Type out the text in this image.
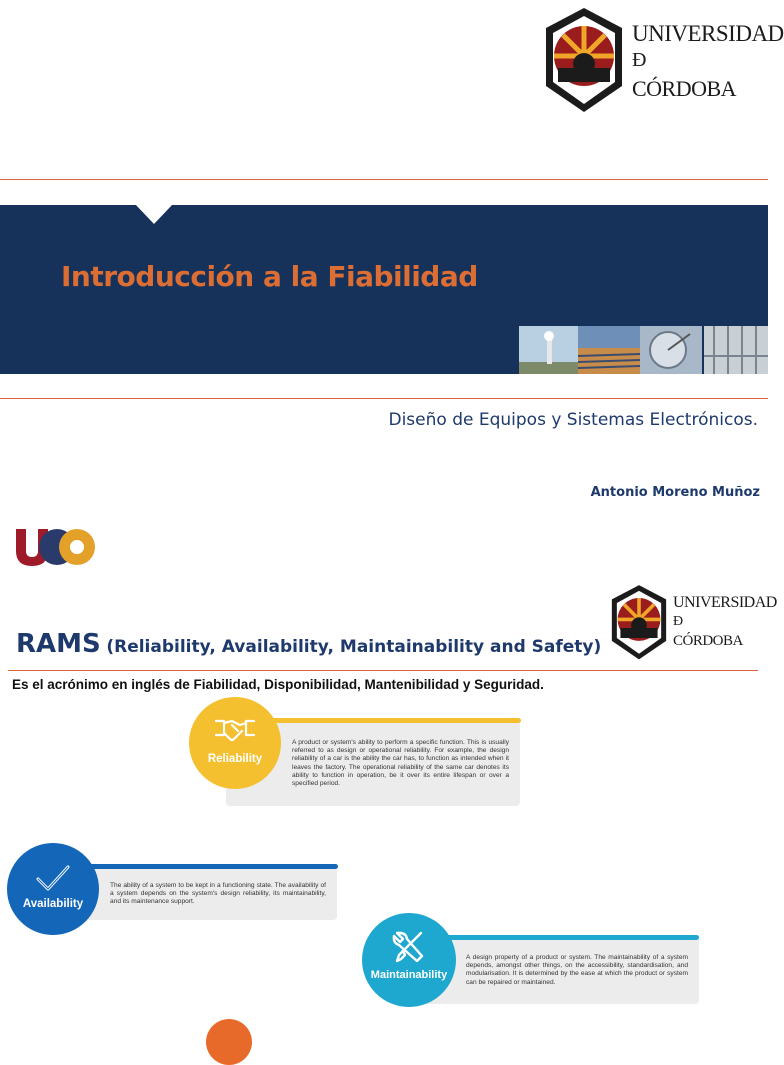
UNIVERSIDAD
Ð
CÓRDOBA
Introducción a la Fiabilidad
Diseño de Equipos y Sistemas Electrónicos.
Antonio Moreno Muñoz
UNIVERSIDAD
Ð
CÓRDOBA
RAMS (Reliability, Availability, Maintainability and Safety)
Es el acrónimo en inglés de Fiabilidad, Disponibilidad, Mantenibilidad y Seguridad.
A product or system's ability to perform a specific function. This is usually referred to as design or operational reliability. For example, the design reliability of a car is the ability the car has, to function as intended when it leaves the factory. The operational reliability of the same car denotes its ability to function in operation, be it over its entire lifespan or over a specified period.
Reliability
The ability of a system to be kept in a functioning state. The availability of a system depends on the system's design reliability, its maintainability, and its maintenance support.
Availability
A design property of a product or system. The maintainability of a system depends, amongst other things, on the accessibility, standardisation, and modularisation. It is determined by the ease at which the product or system can be repaired or maintained.
Maintainability
